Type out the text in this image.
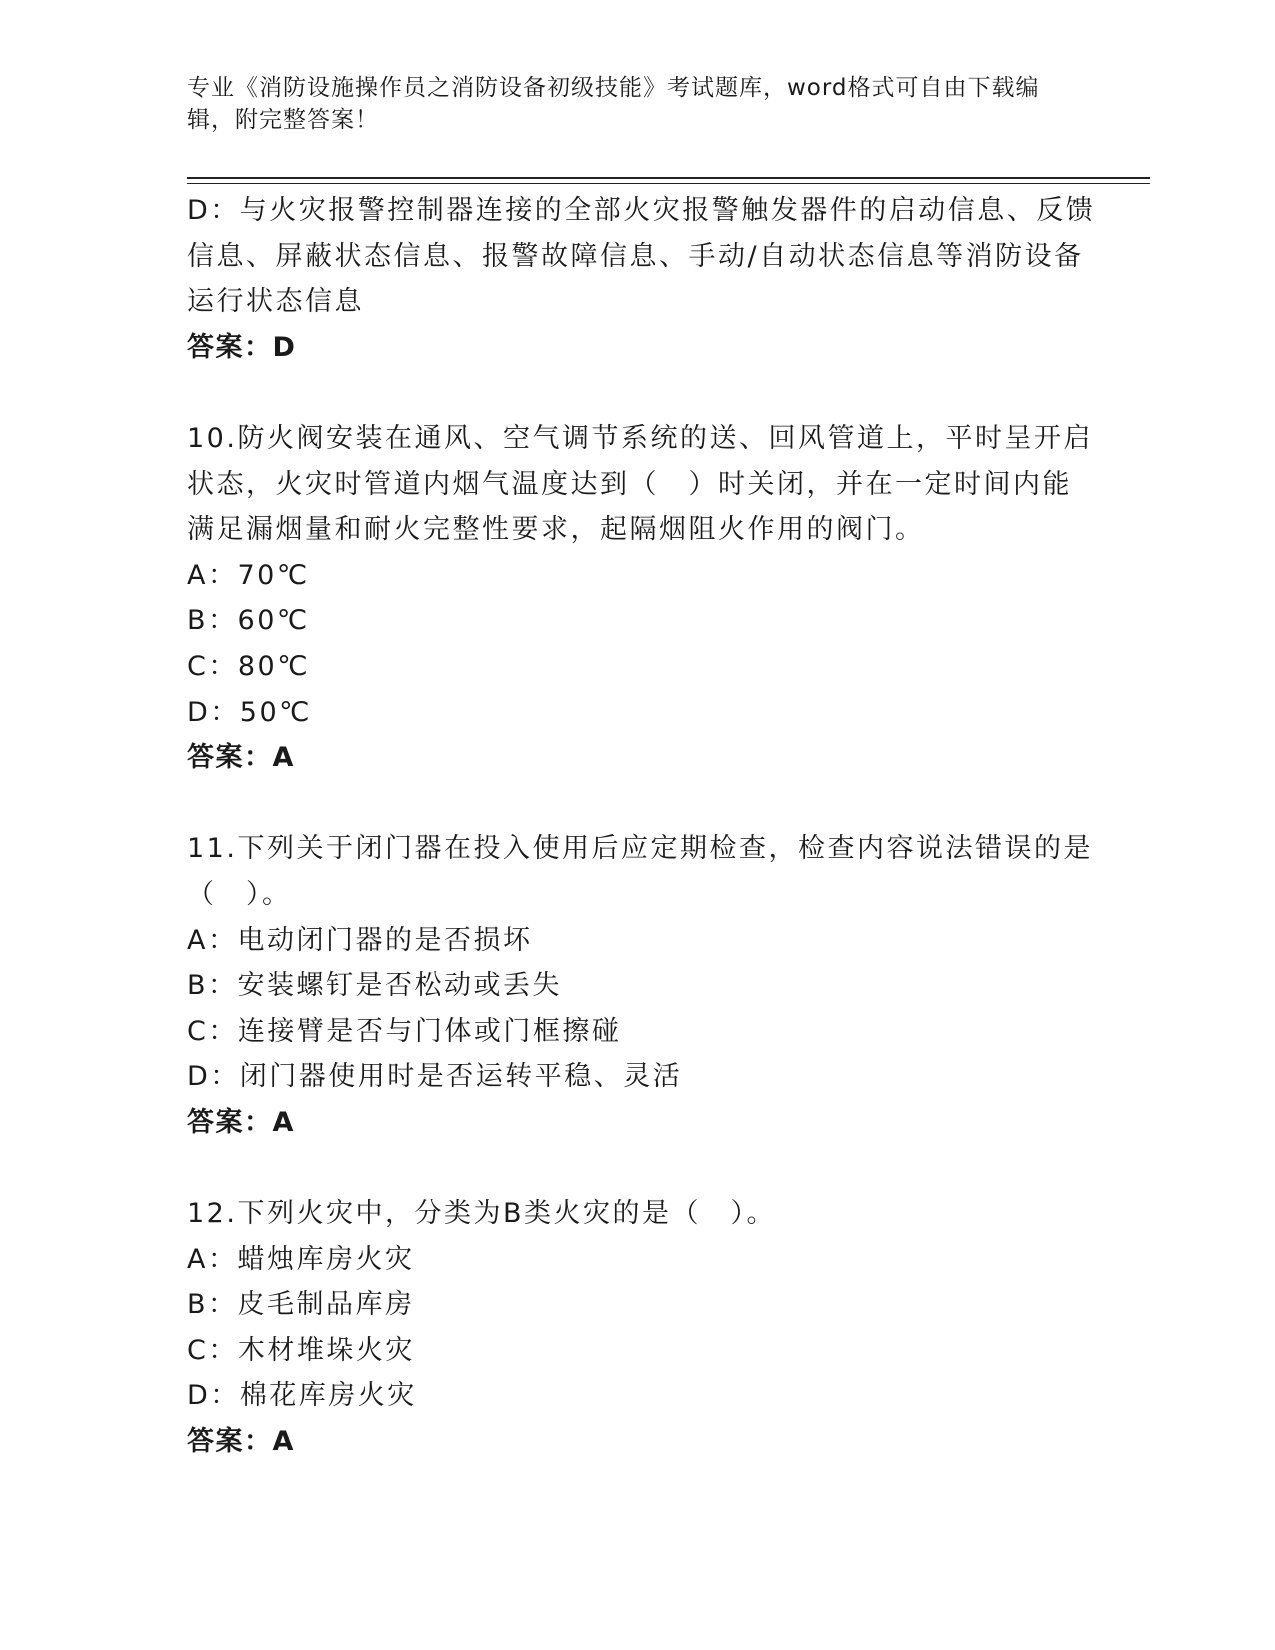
专业《消防设施操作员之消防设备初级技能》考试题库，word格式可自由下载编
辑，附完整答案！
D：与火灾报警控制器连接的全部火灾报警触发器件的启动信息、反馈
信息、屏蔽状态信息、报警故障信息、手动/自动状态信息等消防设备
运行状态信息
答案：D
10.防火阀安装在通风、空气调节系统的送、回风管道上，平时呈开启
状态，火灾时管道内烟气温度达到（　）时关闭，并在一定时间内能
满足漏烟量和耐火完整性要求，起隔烟阻火作用的阀门。
A：70℃
B：60℃
C：80℃
D：50℃
答案：A
11.下列关于闭门器在投入使用后应定期检查，检查内容说法错误的是
（　）。
A：电动闭门器的是否损坏
B：安装螺钉是否松动或丢失
C：连接臂是否与门体或门框擦碰
D：闭门器使用时是否运转平稳、灵活
答案：A
12.下列火灾中，分类为B类火灾的是（　）。
A：蜡烛库房火灾
B：皮毛制品库房
C：木材堆垛火灾
D：棉花库房火灾
答案：A
